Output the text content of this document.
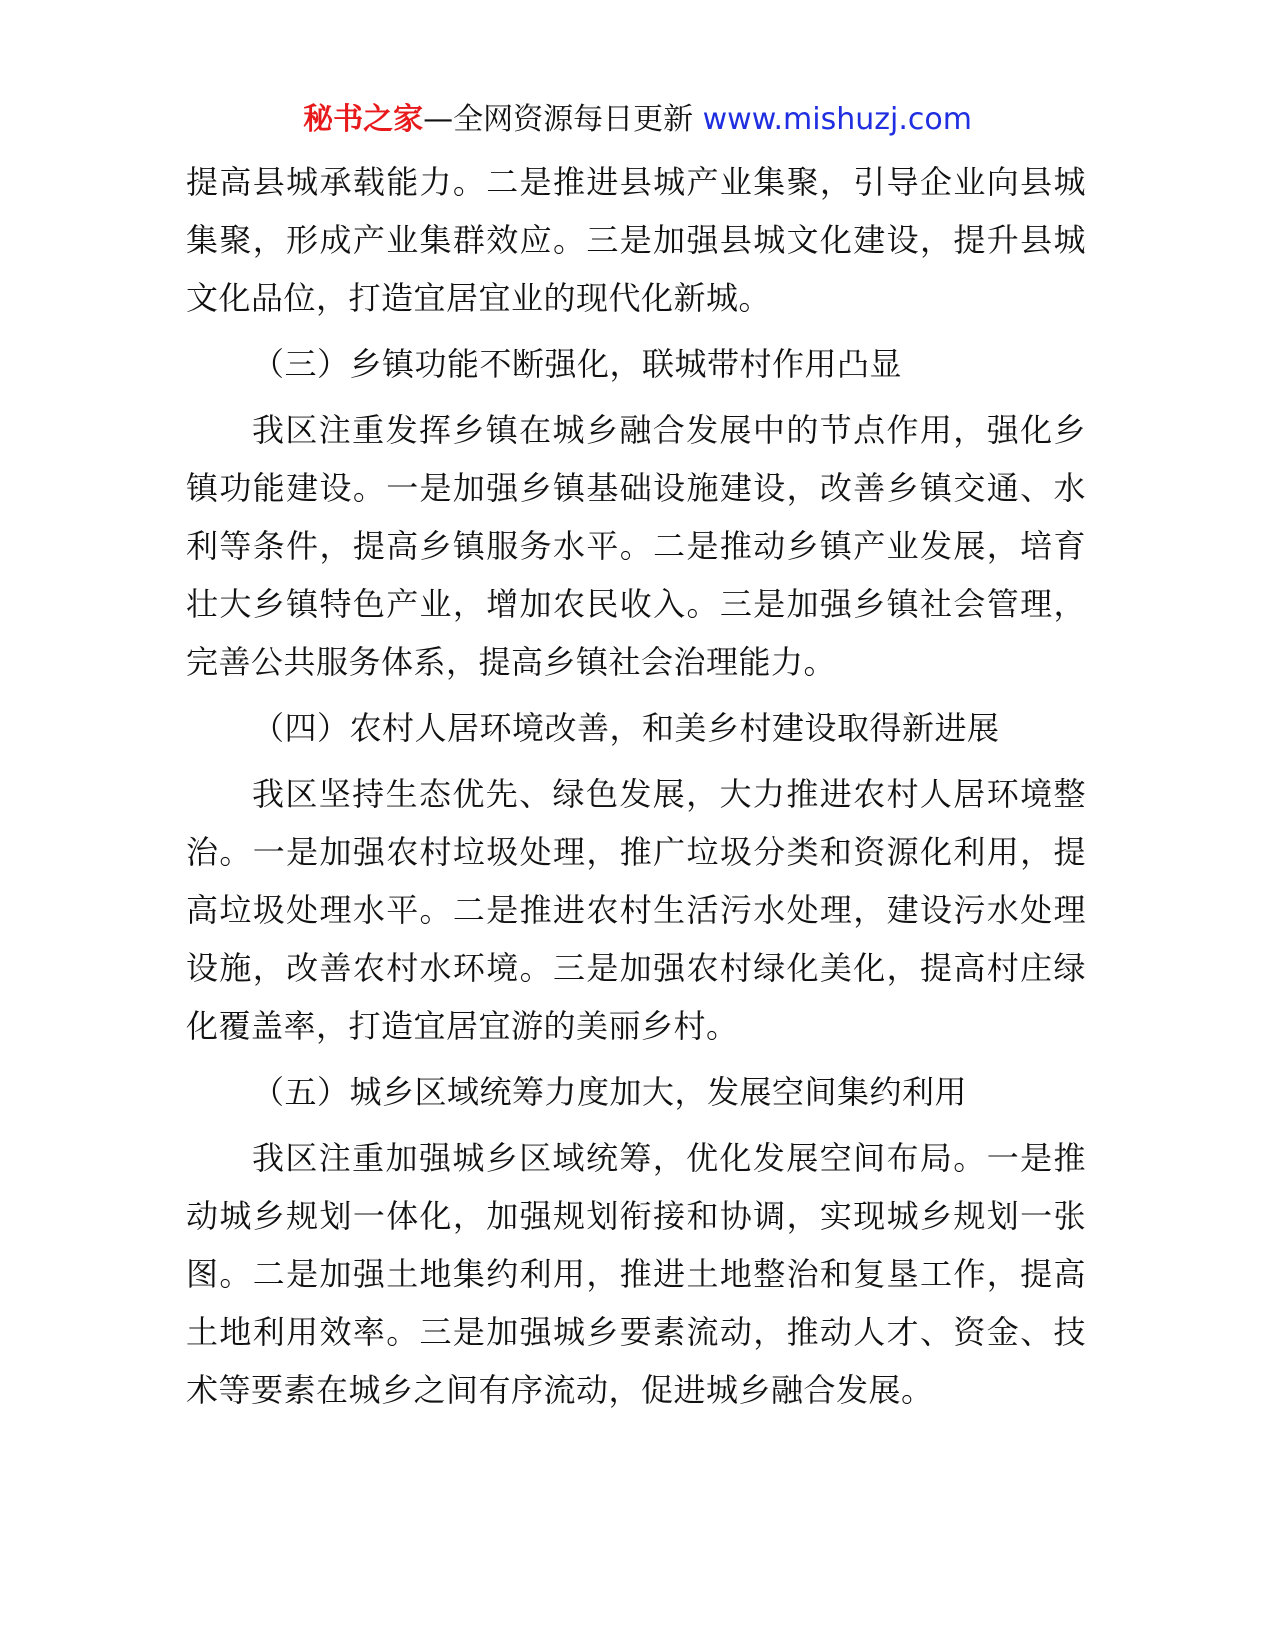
秘书之家—全网资源每日更新 www.mishuzj.com

提高县城承载能力。二是推进县城产业集聚，引导企业向县城集聚，形成产业集群效应。三是加强县城文化建设，提升县城文化品位，打造宜居宜业的现代化新城。

（三）乡镇功能不断强化，联城带村作用凸显

我区注重发挥乡镇在城乡融合发展中的节点作用，强化乡镇功能建设。一是加强乡镇基础设施建设，改善乡镇交通、水利等条件，提高乡镇服务水平。二是推动乡镇产业发展，培育壮大乡镇特色产业，增加农民收入。三是加强乡镇社会管理，完善公共服务体系，提高乡镇社会治理能力。

（四）农村人居环境改善，和美乡村建设取得新进展

我区坚持生态优先、绿色发展，大力推进农村人居环境整治。一是加强农村垃圾处理，推广垃圾分类和资源化利用，提高垃圾处理水平。二是推进农村生活污水处理，建设污水处理设施，改善农村水环境。三是加强农村绿化美化，提高村庄绿化覆盖率，打造宜居宜游的美丽乡村。

（五）城乡区域统筹力度加大，发展空间集约利用

我区注重加强城乡区域统筹，优化发展空间布局。一是推动城乡规划一体化，加强规划衔接和协调，实现城乡规划一张图。二是加强土地集约利用，推进土地整治和复垦工作，提高土地利用效率。三是加强城乡要素流动，推动人才、资金、技术等要素在城乡之间有序流动，促进城乡融合发展。
